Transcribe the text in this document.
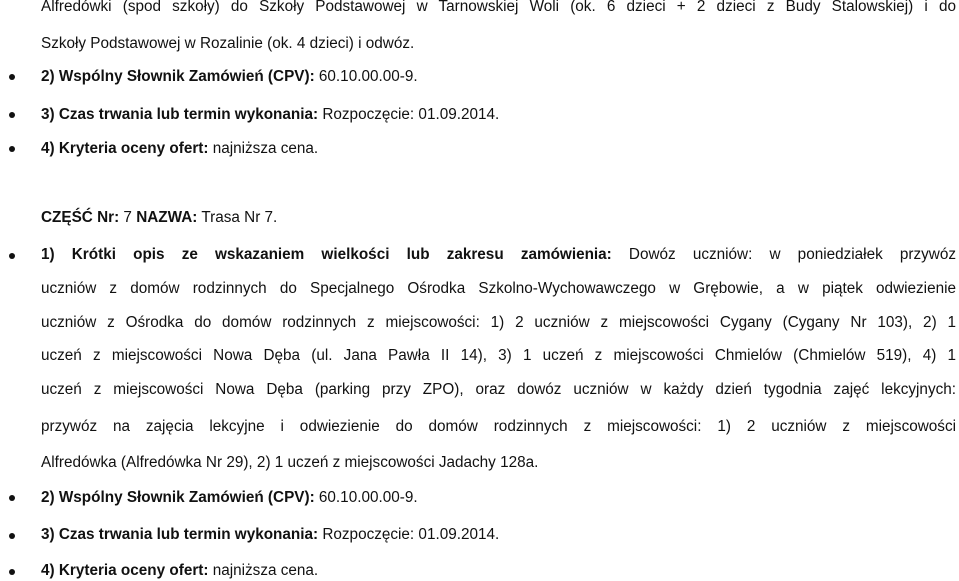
Alfredówki (spod szkoły) do Szkoły Podstawowej w Tarnowskiej Woli (ok. 6 dzieci + 2 dzieci z Budy Stalowskiej) i do
Szkoły Podstawowej w Rozalinie (ok. 4 dzieci) i odwóz.
2) Wspólny Słownik Zamówień (CPV): 60.10.00.00-9.
3) Czas trwania lub termin wykonania: Rozpoczęcie: 01.09.2014.
4) Kryteria oceny ofert: najniższa cena.
CZĘŚĆ Nr: 7 NAZWA: Trasa Nr 7.
1) Krótki opis ze wskazaniem wielkości lub zakresu zamówienia: Dowóz uczniów: w poniedziałek przywóz
uczniów z domów rodzinnych do Specjalnego Ośrodka Szkolno-Wychowawczego w Grębowie, a w piątek odwiezienie
uczniów z Ośrodka do domów rodzinnych z miejscowości: 1) 2 uczniów z miejscowości Cygany (Cygany Nr 103), 2) 1
uczeń z miejscowości Nowa Dęba (ul. Jana Pawła II 14), 3) 1 uczeń z miejscowości Chmielów (Chmielów 519), 4) 1
uczeń z miejscowości Nowa Dęba (parking przy ZPO), oraz dowóz uczniów w każdy dzień tygodnia zajęć lekcyjnych:
przywóz na zajęcia lekcyjne i odwiezienie do domów rodzinnych z miejscowości: 1) 2 uczniów z miejscowości
Alfredówka (Alfredówka Nr 29), 2) 1 uczeń z miejscowości Jadachy 128a.
2) Wspólny Słownik Zamówień (CPV): 60.10.00.00-9.
3) Czas trwania lub termin wykonania: Rozpoczęcie: 01.09.2014.
4) Kryteria oceny ofert: najniższa cena.
